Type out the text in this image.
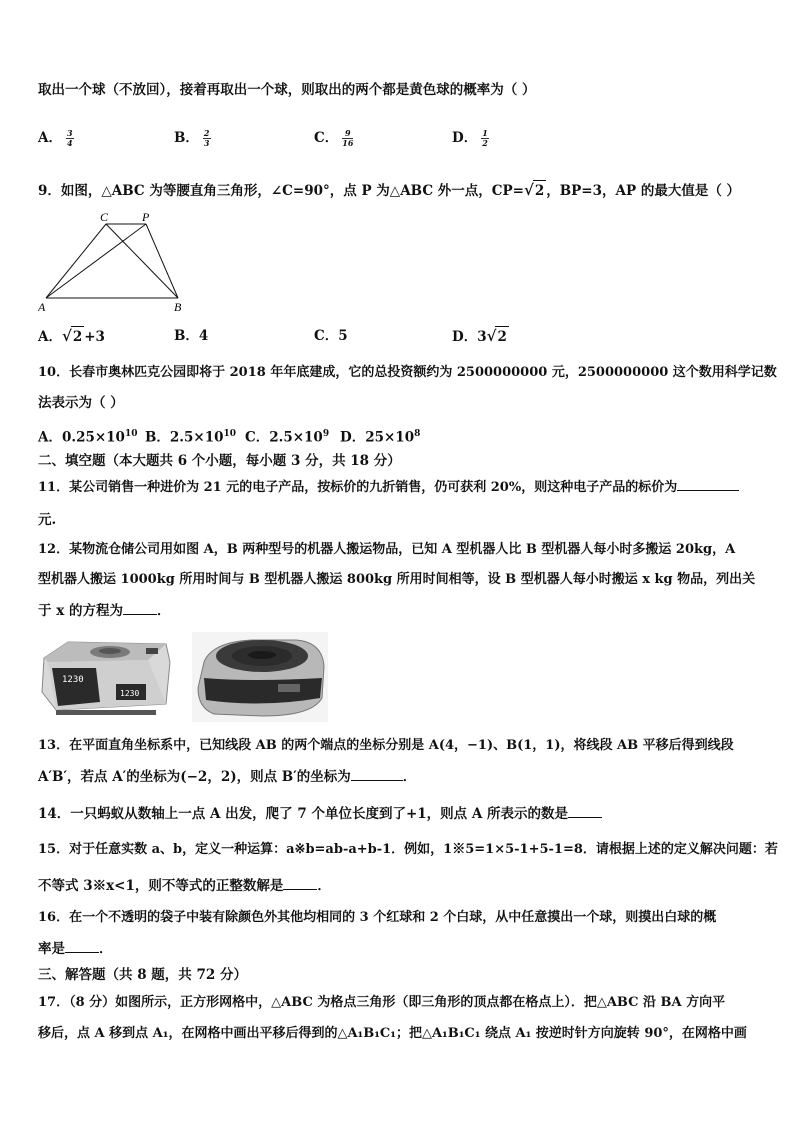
取出一个球（不放回），接着再取出一个球，则取出的两个都是黄色球的概率为（ ）
A． $\frac{3}{4}$	B． $\frac{2}{3}$	C． $\frac{9}{16}$	D． $\frac{1}{2}$
9．如图，△ABC 为等腰直角三角形，∠C=90°，点 P 为△ABC 外一点，CP=√2 ，BP=3，AP 的最大值是（ ）
C	P
A	B
A．√2 +3	B．4	C．5	D．3√2
10．长春市奥林匹克公园即将于 2018 年年底建成，它的总投资额约为 2500000000 元，2500000000 这个数用科学记数
法表示为（ ）
A．$0.25\times 10^{10}$ B．$2.5\times 10^{10}$ C．$2.5\times 10^9$ D．$25\times 10^8$
二、填空题（本大题共 6 个小题，每小题 3 分，共 18 分）
11．某公司销售一种进价为 21 元的电子产品，按标价的九折销售，仍可获利 20%，则这种电子产品的标价为
元.
12．某物流仓储公司用如图 A，B 两种型号的机器人搬运物品，已知 A 型机器人比 B 型机器人每小时多搬运 20kg，A
型机器人搬运 1000kg 所用时间与 B 型机器人搬运 800kg 所用时间相等，设 B 型机器人每小时搬运 x kg 物品，列出关
于 x 的方程为	．
1230
1230
13．在平面直角坐标系中，已知线段 AB 的两个端点的坐标分别是 A(4，−1)、B(1，1)，将线段 AB 平移后得到线段
A′B′，若点 A′的坐标为(−2，2)，则点 B′的坐标为	．
14．一只蚂蚁从数轴上一点 A 出发，爬了 7 个单位长度到了+1，则点 A 所表示的数是
15．对于任意实数 a、b，定义一种运算：a※b=ab-a+b-1．例如，1※5=1×5-1+5-1=8．请根据上述的定义解决问题：若
不等式 3※x<1，则不等式的正整数解是	．
16．在一个不透明的袋子中装有除颜色外其他均相同的 3 个红球和 2 个白球，从中任意摸出一个球，则摸出白球的概
率是	．
三、解答题（共 8 题，共 72 分）
17．（8 分）如图所示，正方形网格中，△ABC 为格点三角形（即三角形的顶点都在格点上）．把△ABC 沿 BA 方向平
移后，点 A 移到点 A₁，在网格中画出平移后得到的△A₁B₁C₁；把△A₁B₁C₁ 绕点 A₁ 按逆时针方向旋转 90°，在网格中画
